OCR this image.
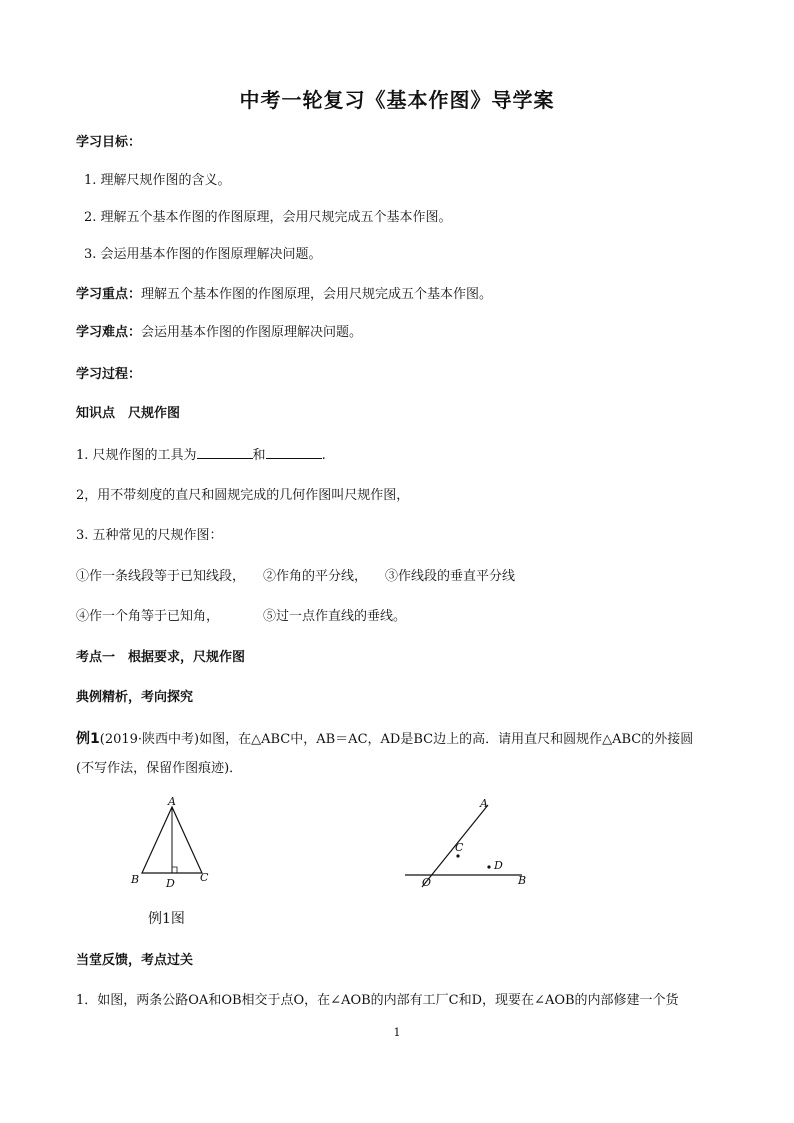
中考一轮复习《基本作图》导学案
学习目标：
1. 理解尺规作图的含义。
2. 理解五个基本作图的作图原理，会用尺规完成五个基本作图。
3. 会运用基本作图的作图原理解决问题。
学习重点：理解五个基本作图的作图原理，会用尺规完成五个基本作图。
学习难点：会运用基本作图的作图原理解决问题。
学习过程：
知识点　尺规作图
1. 尺规作图的工具为	和	.
2，用不带刻度的直尺和圆规完成的几何作图叫尺规作图，
3. 五种常见的尺规作图：
①作一条线段等于已知线段， ②作角的平分线， ③作线段的垂直平分线
④作一个角等于已知角，	⑤过一点作直线的垂线。
考点一　根据要求，尺规作图
典例精析，考向探究
例1(2019·陕西中考)如图，在△ABC中，AB＝AC，AD是BC边上的高．请用直尺和圆规作△ABC的外接圆
(不写作法，保留作图痕迹)．
A
B	C
D
A
B
C
D
O
例1图
当堂反馈，考点过关
1．如图，两条公路OA和OB相交于点O，在∠AOB的内部有工厂C和D，现要在∠AOB的内部修建一个货
1
